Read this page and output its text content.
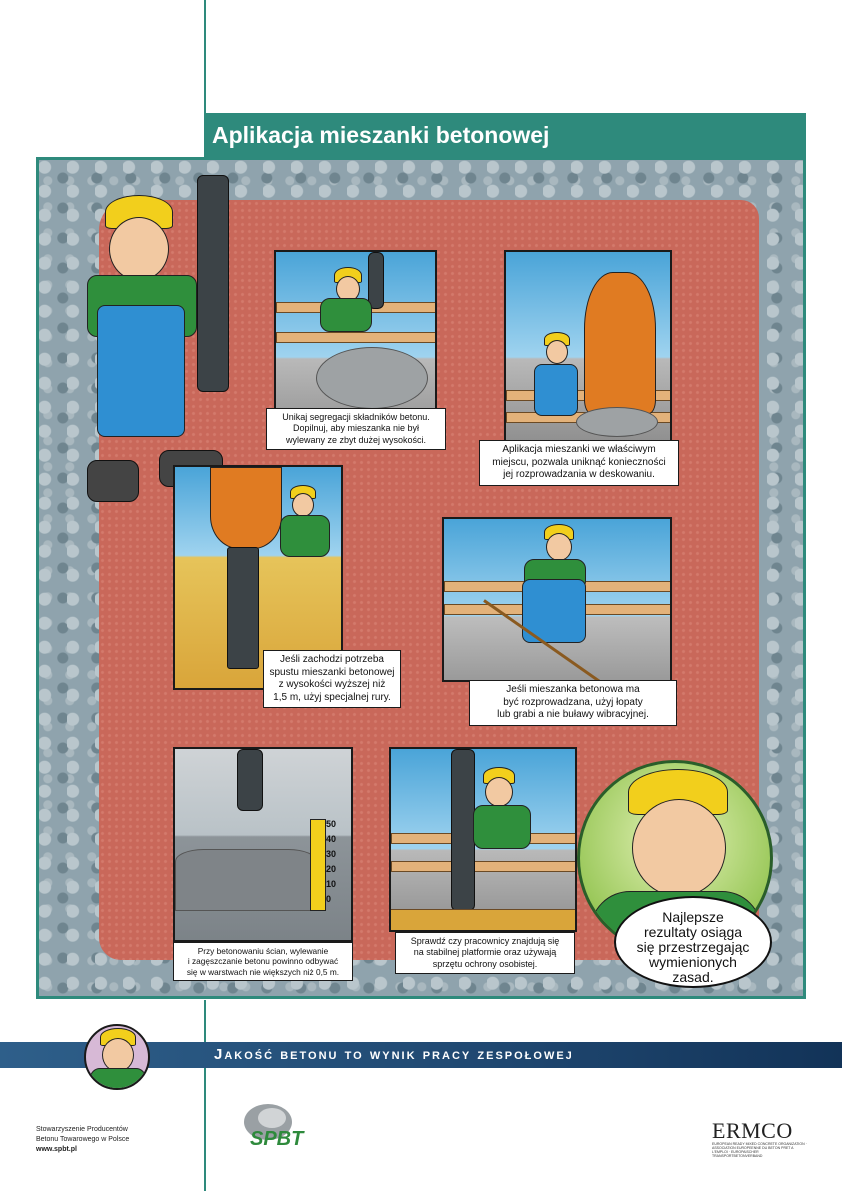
Aplikacja mieszanki betonowej
Unikaj segregacji składników betonu.
Dopilnuj, aby mieszanka nie był
wylewany ze zbyt dużej wysokości.
Aplikacja mieszanki we właściwym
miejscu, pozwala uniknąć konieczności
jej rozprowadzania w deskowaniu.
Jeśli zachodzi potrzeba
spustu mieszanki betonowej
z wysokości wyższej niż
1,5 m, użyj specjalnej rury.
Jeśli mieszanka betonowa ma
być rozprowadzana, użyj łopaty
lub grabi a nie buławy wibracyjnej.
50
40
30
20
10
0
Przy betonowaniu ścian, wylewanie
i zagęszczanie betonu powinno odbywać
się w warstwach nie większych niż 0,5 m.
Sprawdź czy pracownicy znajdują się
na stabilnej platformie oraz używają
sprzętu ochrony osobistej.
Najlepsze
rezultaty osiąga
się przestrzegając
wymienionych
zasad.
Jakość betonu to wynik pracy zespołowej
Stowarzyszenie Producentów
Betonu Towarowego w Polsce
www.spbt.pl	SPBT	ERMCO
EUROPEAN READY MIXED CONCRETE ORGANIZATION · ASSOCIATION EUROPEENNE DU BETON PRET A L'EMPLOI · EUROPAISCHER TRANSPORTBETONVERBAND
